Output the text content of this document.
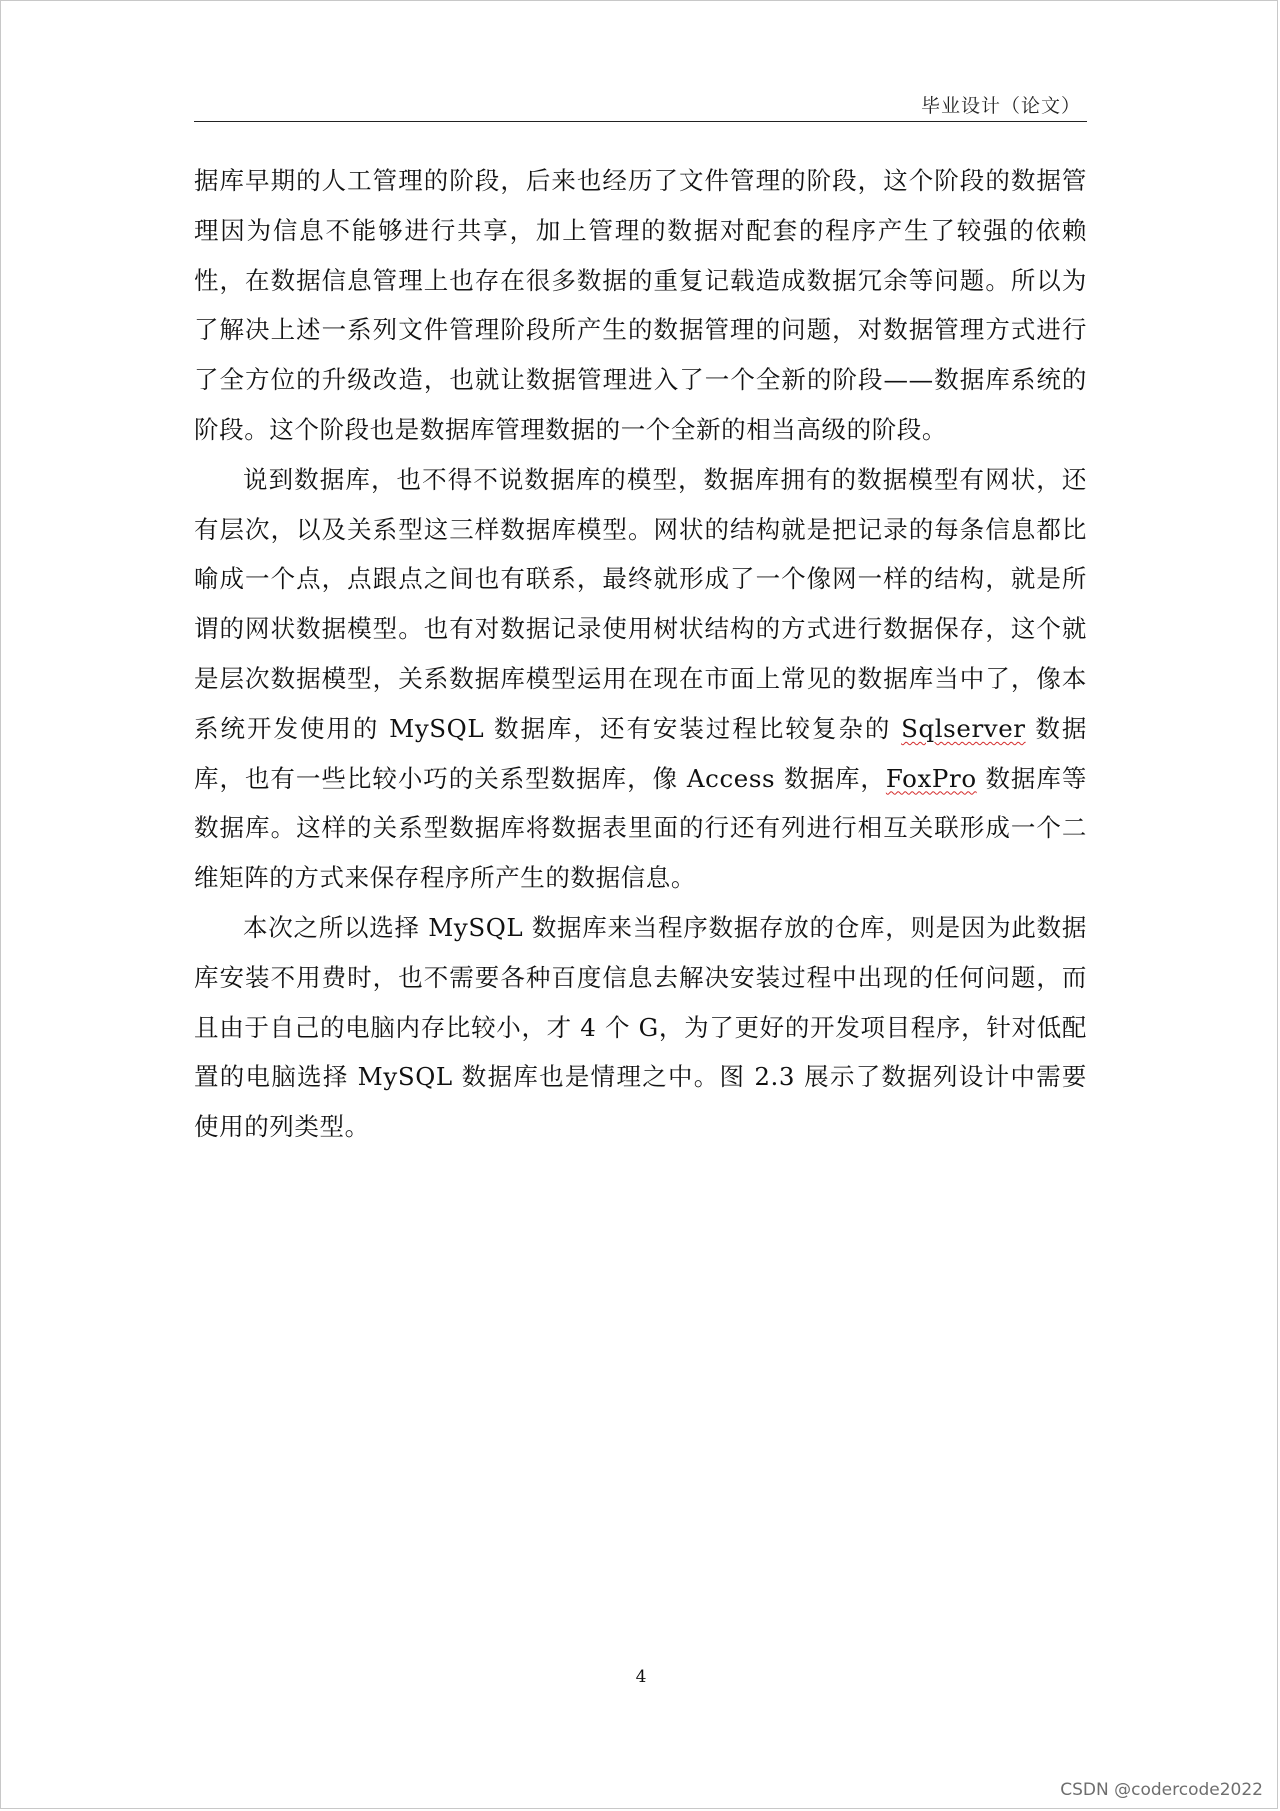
毕业设计（论文）

据库早期的人工管理的阶段，后来也经历了文件管理的阶段，这个阶段的数据管理因为信息不能够进行共享，加上管理的数据对配套的程序产生了较强的依赖性，在数据信息管理上也存在很多数据的重复记载造成数据冗余等问题。所以为了解决上述一系列文件管理阶段所产生的数据管理的问题，对数据管理方式进行了全方位的升级改造，也就让数据管理进入了一个全新的阶段——数据库系统的阶段。这个阶段也是数据库管理数据的一个全新的相当高级的阶段。

说到数据库，也不得不说数据库的模型，数据库拥有的数据模型有网状，还有层次，以及关系型这三样数据库模型。网状的结构就是把记录的每条信息都比喻成一个点，点跟点之间也有联系，最终就形成了一个像网一样的结构，就是所谓的网状数据模型。也有对数据记录使用树状结构的方式进行数据保存，这个就是层次数据模型，关系数据库模型运用在现在市面上常见的数据库当中了，像本系统开发使用的 MySQL 数据库，还有安装过程比较复杂的 Sqlserver 数据库，也有一些比较小巧的关系型数据库，像 Access 数据库，FoxPro 数据库等数据库。这样的关系型数据库将数据表里面的行还有列进行相互关联形成一个二维矩阵的方式来保存程序所产生的数据信息。

本次之所以选择 MySQL 数据库来当程序数据存放的仓库，则是因为此数据库安装不用费时，也不需要各种百度信息去解决安装过程中出现的任何问题，而且由于自己的电脑内存比较小，才 4 个 G，为了更好的开发项目程序，针对低配置的电脑选择 MySQL 数据库也是情理之中。图 2.3 展示了数据列设计中需要使用的列类型。

4
CSDN @codercode2022
